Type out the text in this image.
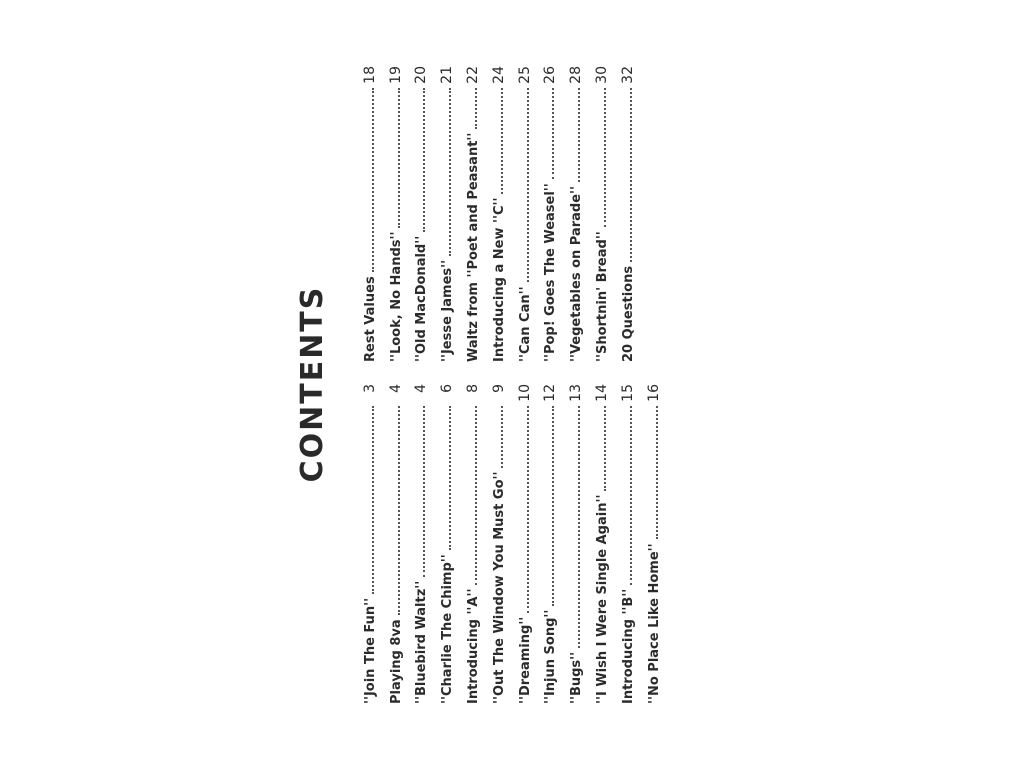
CONTENTS
''Join The Fun''
3
Playing 8va
4
''Bluebird Waltz''
4
''Charlie The Chimp''
6
Introducing ''A''
8
''Out The Window You Must Go''
9
''Dreaming''
10
''Injun Song''
12
''Bugs''
13
''I Wish I Were Single Again''
14
Introducing ''B''
15
''No Place Like Home''
16
Rest Values
18
''Look, No Hands''
19
''Old MacDonald''
20
''Jesse James''
21
Waltz from ''Poet and Peasant''
22
Introducing a New ''C''
24
''Can Can''
25
''Pop! Goes The Weasel''
26
''Vegetables on Parade''
28
''Shortnin' Bread''
30
20 Questions
32
